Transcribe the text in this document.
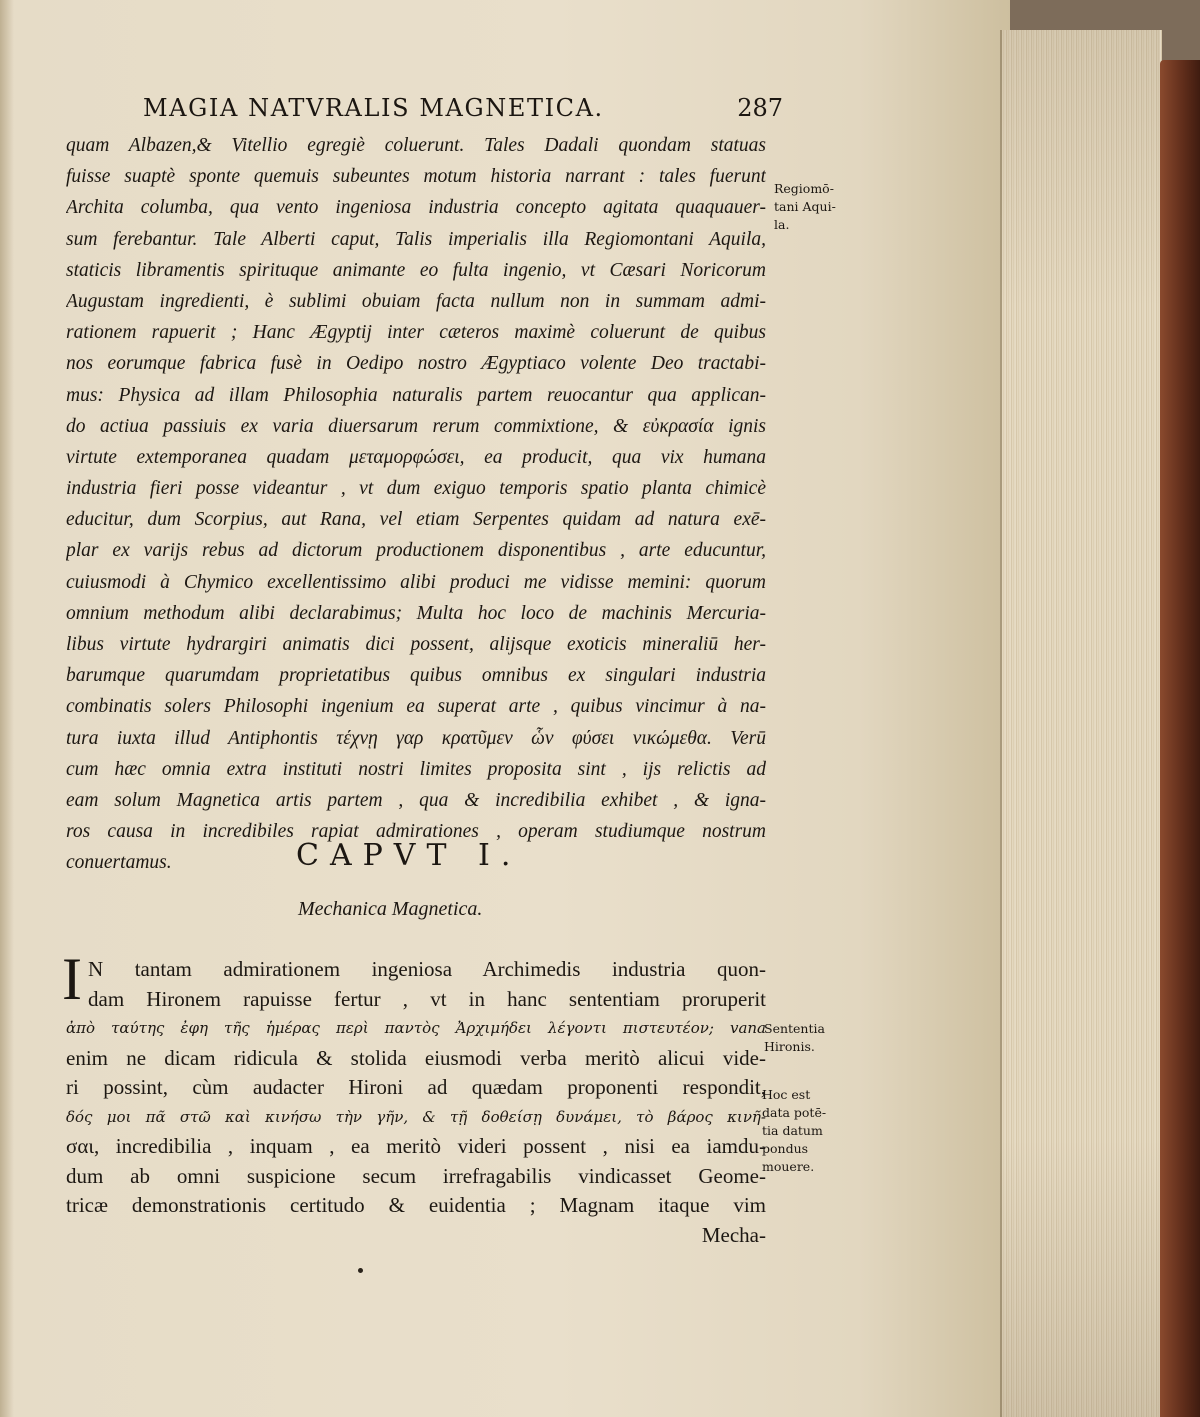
MAGIA NATVRALIS MAGNETICA.	287
quam Albazen,& Vitellio egregiè coluerunt. Tales Dadali quondam statuas
fuisse suaptè sponte quemuis subeuntes motum historia narrant : tales fuerunt
Archita columba, qua vento ingeniosa industria concepto agitata quaquauer-
sum ferebantur. Tale Alberti caput, Talis imperialis illa Regiomontani Aquila,
staticis libramentis spirituque animante eo fulta ingenio, vt Cæsari Noricorum
Augustam ingredienti, è sublimi obuiam facta nullum non in summam admi-
rationem rapuerit ; Hanc Ægyptij inter cæteros maximè coluerunt de quibus
nos eorumque fabrica fusè in Oedipo nostro Ægyptiaco volente Deo tractabi-
mus: Physica ad illam Philosophia naturalis partem reuocantur qua applican-
do actiua passiuis ex varia diuersarum rerum commixtione, & εὐκρασία ignis
virtute extemporanea quadam μεταμορφώσει, ea producit, qua vix humana
industria fieri posse videantur , vt dum exiguo temporis spatio planta chimicè
educitur, dum Scorpius, aut Rana, vel etiam Serpentes quidam ad natura exē-
plar ex varijs rebus ad dictorum productionem disponentibus , arte educuntur,
cuiusmodi à Chymico excellentissimo alibi produci me vidisse memini: quorum
omnium methodum alibi declarabimus; Multa hoc loco de machinis Mercuria-
libus virtute hydrargiri animatis dici possent, alijsque exoticis mineraliū her-
barumque quarumdam proprietatibus quibus omnibus ex singulari industria
combinatis solers Philosophi ingenium ea superat arte , quibus vincimur à na-
tura iuxta illud Antiphontis τέχνῃ γαρ κρατῦμεν ὧν φύσει νικώμεθα. Verū
cum hæc omnia extra instituti nostri limites proposita sint , ijs relictis ad
eam solum Magnetica artis partem , qua & incredibilia exhibet , & igna-
ros causa in incredibiles rapiat admirationes , operam studiumque nostrum
conuertamus.
Regiomō-
tani Aqui-
la.
CAPVT I.
Mechanica Magnetica.
I N tantam admirationem ingeniosa Archimedis industria quon-
dam Hironem rapuisse fertur , vt in hanc sententiam proruperit
ἀπὸ ταύτης ἐφη τῆς ἡμέρας περὶ παντὸς Ἀρχιμήδει λέγοντι πιστευτέον; vana
enim ne dicam ridicula & stolida eiusmodi verba meritò alicui vide-
ri possint, cùm audacter Hironi ad quædam proponenti respondit,
δός μοι πᾶ στῶ καὶ κινήσω τὴν γῆν, & τῇ δοθείσῃ δυνάμει, τὸ βάρος κινῆ-
σαι, incredibilia , inquam , ea meritò videri possent , nisi ea iamdu-
dum ab omni suspicione secum irrefragabilis vindicasset Geome-
tricæ demonstrationis certitudo & euidentia ; Magnam itaque vim
Mecha-
Sententia
Hironis.
Hoc est
data potē-
tia datum
pondus
mouere.
